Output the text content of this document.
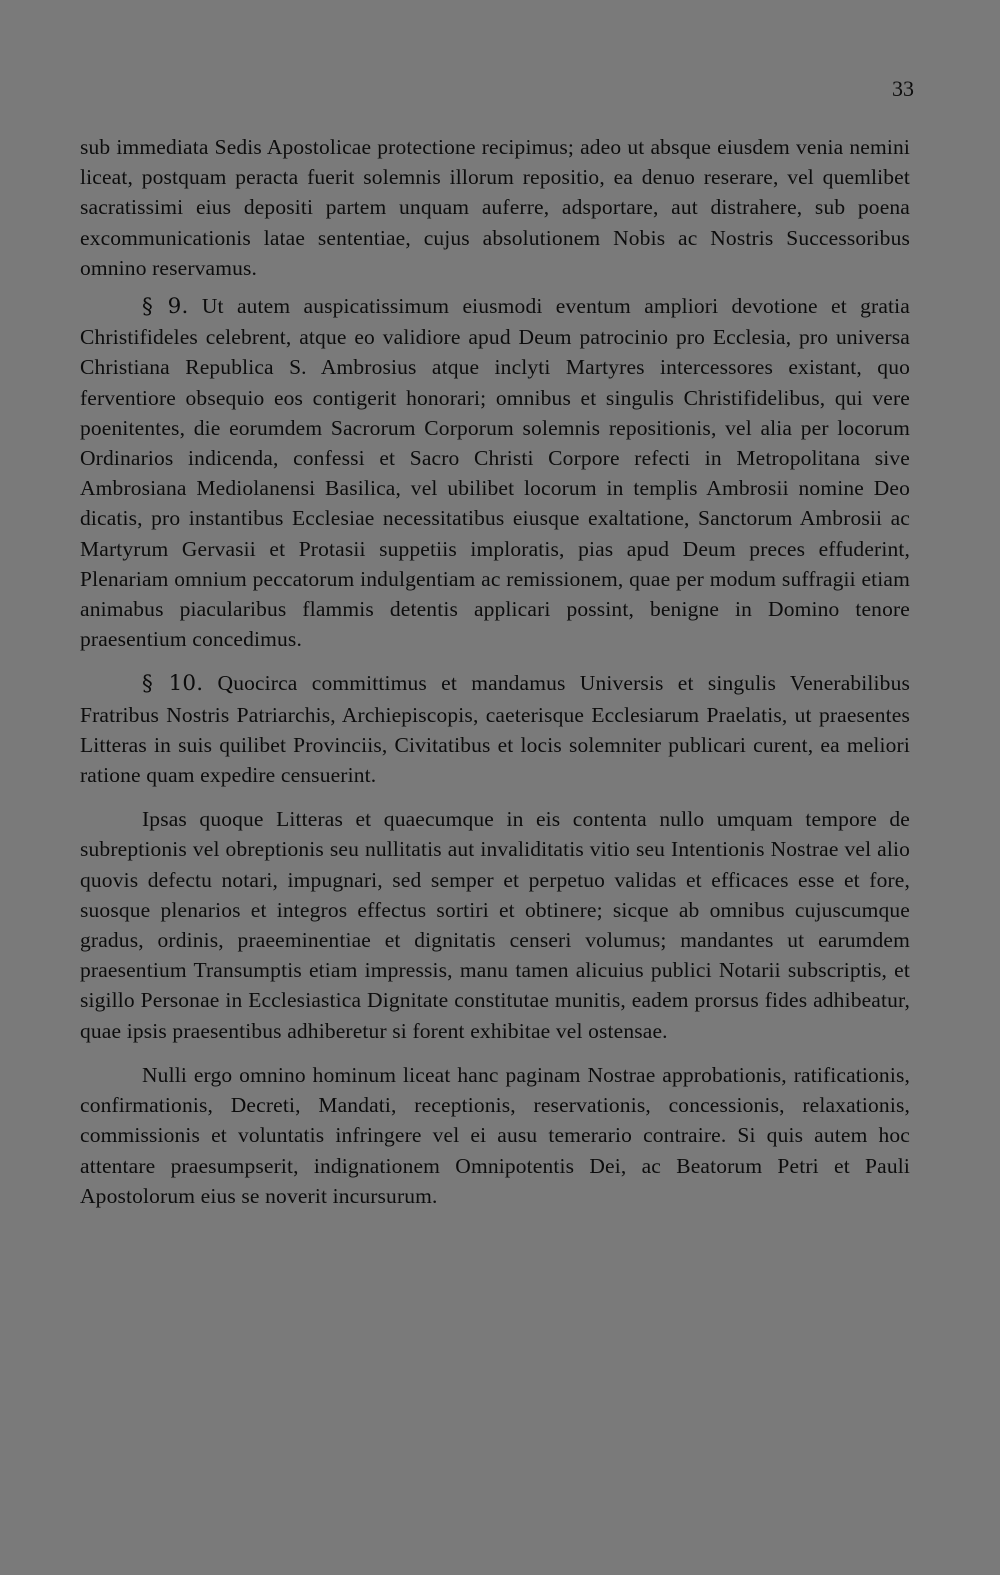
33

sub immediata Sedis Apostolicae protectione recipimus; adeo ut absque eiusdem venia nemini liceat, postquam peracta fuerit solemnis illorum repositio, ea denuo reserare, vel quemlibet sacratissimi eius depositi partem unquam auferre, adsportare, aut distrahere, sub poena excommunicationis latae sententiae, cujus absolutionem Nobis ac Nostris Successoribus omnino reservamus.

§ 9. Ut autem auspicatissimum eiusmodi eventum ampliori devotione et gratia Christifideles celebrent, atque eo validiore apud Deum patrocinio pro Ecclesia, pro universa Christiana Republica S. Ambrosius atque inclyti Martyres intercessores existant, quo ferventiore obsequio eos contigerit honorari; omnibus et singulis Christifidelibus, qui vere poenitentes, die eorumdem Sacrorum Corporum solemnis repositionis, vel alia per locorum Ordinarios indicenda, confessi et Sacro Christi Corpore refecti in Metropolitana sive Ambrosiana Mediolanensi Basilica, vel ubilibet locorum in templis Ambrosii nomine Deo dicatis, pro instantibus Ecclesiae necessitatibus eiusque exaltatione, Sanctorum Ambrosii ac Martyrum Gervasii et Protasii suppetiis imploratis, pias apud Deum preces effuderint, Plenariam omnium peccatorum indulgentiam ac remissionem, quae per modum suffragii etiam animabus piacularibus flammis detentis applicari possint, benigne in Domino tenore praesentium concedimus.

§ 10. Quocirca committimus et mandamus Universis et singulis Venerabilibus Fratribus Nostris Patriarchis, Archiepiscopis, caeterisque Ecclesiarum Praelatis, ut praesentes Litteras in suis quilibet Provinciis, Civitatibus et locis solemniter publicari curent, ea meliori ratione quam expedire censuerint.

Ipsas quoque Litteras et quaecumque in eis contenta nullo umquam tempore de subreptionis vel obreptionis seu nullitatis aut invaliditatis vitio seu Intentionis Nostrae vel alio quovis defectu notari, impugnari, sed semper et perpetuo validas et efficaces esse et fore, suosque plenarios et integros effectus sortiri et obtinere; sicque ab omnibus cujuscumque gradus, ordinis, praeeminentiae et dignitatis censeri volumus; mandantes ut earumdem praesentium Transumptis etiam impressis, manu tamen alicuius publici Notarii subscriptis, et sigillo Personae in Ecclesiastica Dignitate constitutae munitis, eadem prorsus fides adhibeatur, quae ipsis praesentibus adhiberetur si forent exhibitae vel ostensae.

Nulli ergo omnino hominum liceat hanc paginam Nostrae approbationis, ratificationis, confirmationis, Decreti, Mandati, receptionis, reservationis, concessionis, relaxationis, commissionis et voluntatis infringere vel ei ausu temerario contraire. Si quis autem hoc attentare praesumpserit, indignationem Omnipotentis Dei, ac Beatorum Petri et Pauli Apostolorum eius se noverit incursurum.
